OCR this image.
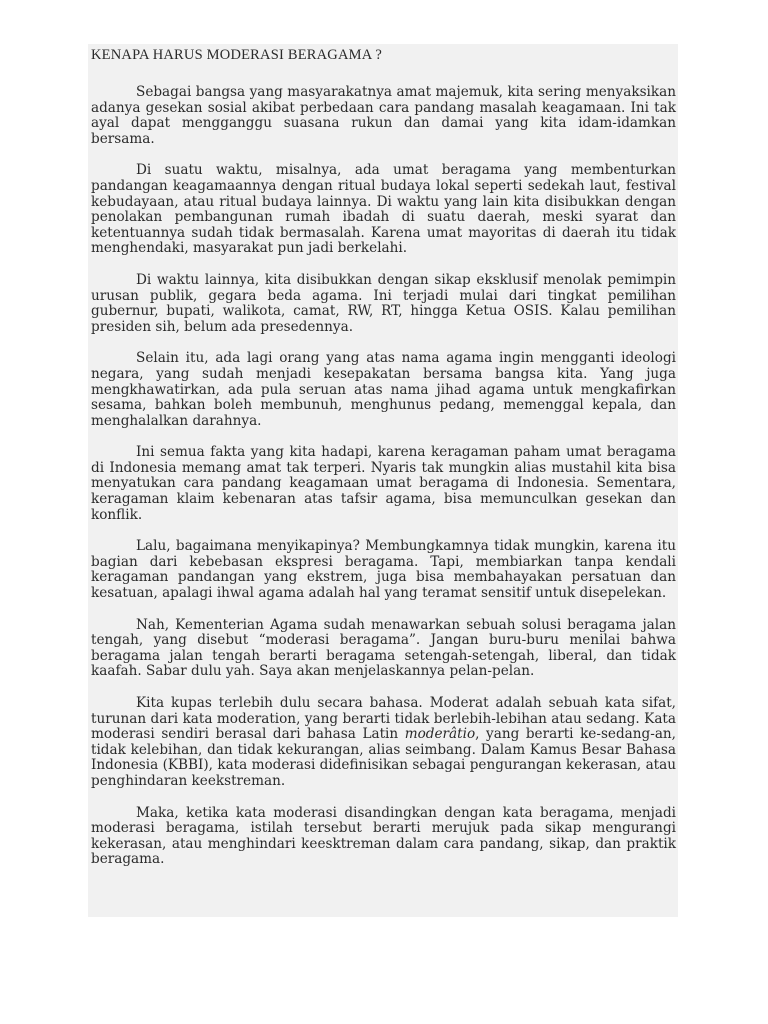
KENAPA HARUS MODERASI BERAGAMA ?

Sebagai bangsa yang masyarakatnya amat majemuk, kita sering menyaksikan adanya gesekan sosial akibat perbedaan cara pandang masalah keagamaan. Ini tak ayal dapat mengganggu suasana rukun dan damai yang kita idam-idamkan bersama.

Di suatu waktu, misalnya, ada umat beragama yang membenturkan pandangan keagamaannya dengan ritual budaya lokal seperti sedekah laut, festival kebudayaan, atau ritual budaya lainnya. Di waktu yang lain kita disibukkan dengan penolakan pembangunan rumah ibadah di suatu daerah, meski syarat dan ketentuannya sudah tidak bermasalah. Karena umat mayoritas di daerah itu tidak menghendaki, masyarakat pun jadi berkelahi.

Di waktu lainnya, kita disibukkan dengan sikap eksklusif menolak pemimpin urusan publik, gegara beda agama. Ini terjadi mulai dari tingkat pemilihan gubernur, bupati, walikota, camat, RW, RT, hingga Ketua OSIS. Kalau pemilihan presiden sih, belum ada presedennya.

Selain itu, ada lagi orang yang atas nama agama ingin mengganti ideologi negara, yang sudah menjadi kesepakatan bersama bangsa kita. Yang juga mengkhawatirkan, ada pula seruan atas nama jihad agama untuk mengkafirkan sesama, bahkan boleh membunuh, menghunus pedang, memenggal kepala, dan menghalalkan darahnya.

Ini semua fakta yang kita hadapi, karena keragaman paham umat beragama di Indonesia memang amat tak terperi. Nyaris tak mungkin alias mustahil kita bisa menyatukan cara pandang keagamaan umat beragama di Indonesia. Sementara, keragaman klaim kebenaran atas tafsir agama, bisa memunculkan gesekan dan konflik.

Lalu, bagaimana menyikapinya? Membungkamnya tidak mungkin, karena itu bagian dari kebebasan ekspresi beragama. Tapi, membiarkan tanpa kendali keragaman pandangan yang ekstrem, juga bisa membahayakan persatuan dan kesatuan, apalagi ihwal agama adalah hal yang teramat sensitif untuk disepelekan.

Nah, Kementerian Agama sudah menawarkan sebuah solusi beragama jalan tengah, yang disebut “moderasi beragama”. Jangan buru-buru menilai bahwa beragama jalan tengah berarti beragama setengah-setengah, liberal, dan tidak kaafah. Sabar dulu yah. Saya akan menjelaskannya pelan-pelan.

Kita kupas terlebih dulu secara bahasa. Moderat adalah sebuah kata sifat, turunan dari kata moderation, yang berarti tidak berlebih-lebihan atau sedang. Kata moderasi sendiri berasal dari bahasa Latin moderâtio, yang berarti ke-sedang-an, tidak kelebihan, dan tidak kekurangan, alias seimbang. Dalam Kamus Besar Bahasa Indonesia (KBBI), kata moderasi didefinisikan sebagai pengurangan kekerasan, atau penghindaran keekstreman.

Maka, ketika kata moderasi disandingkan dengan kata beragama, menjadi moderasi beragama, istilah tersebut berarti merujuk pada sikap mengurangi kekerasan, atau menghindari keesktreman dalam cara pandang, sikap, dan praktik beragama.
